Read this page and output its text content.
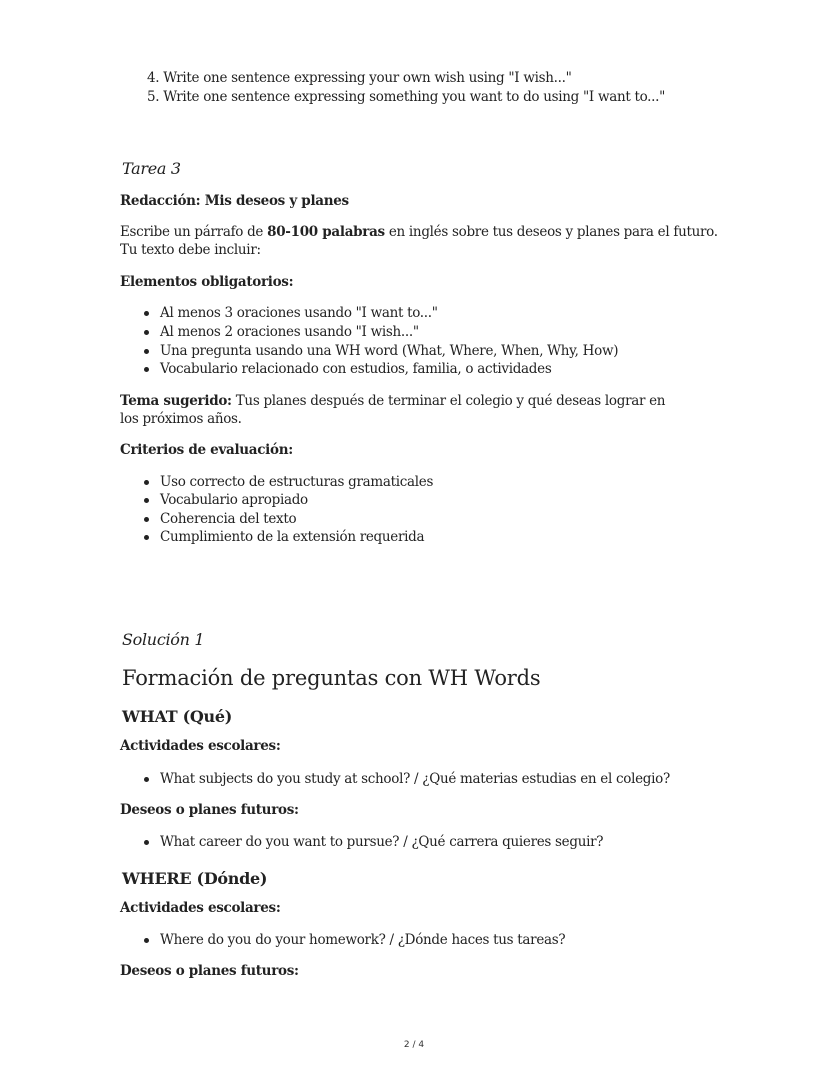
4. Write one sentence expressing your own wish using "I wish..."
5. Write one sentence expressing something you want to do using "I want to..."
Tarea 3
Redacción: Mis deseos y planes
Escribe un párrafo de 80-100 palabras en inglés sobre tus deseos y planes para el futuro. Tu texto debe incluir:
Elementos obligatorios:
Al menos 3 oraciones usando "I want to..."
Al menos 2 oraciones usando "I wish..."
Una pregunta usando una WH word (What, Where, When, Why, How)
Vocabulario relacionado con estudios, familia, o actividades
Tema sugerido: Tus planes después de terminar el colegio y qué deseas lograr en los próximos años.
Criterios de evaluación:
Uso correcto de estructuras gramaticales
Vocabulario apropiado
Coherencia del texto
Cumplimiento de la extensión requerida
Solución 1
Formación de preguntas con WH Words
WHAT (Qué)
Actividades escolares:
What subjects do you study at school? / ¿Qué materias estudias en el colegio?
Deseos o planes futuros:
What career do you want to pursue? / ¿Qué carrera quieres seguir?
WHERE (Dónde)
Actividades escolares:
Where do you do your homework? / ¿Dónde haces tus tareas?
Deseos o planes futuros:
2 / 4
